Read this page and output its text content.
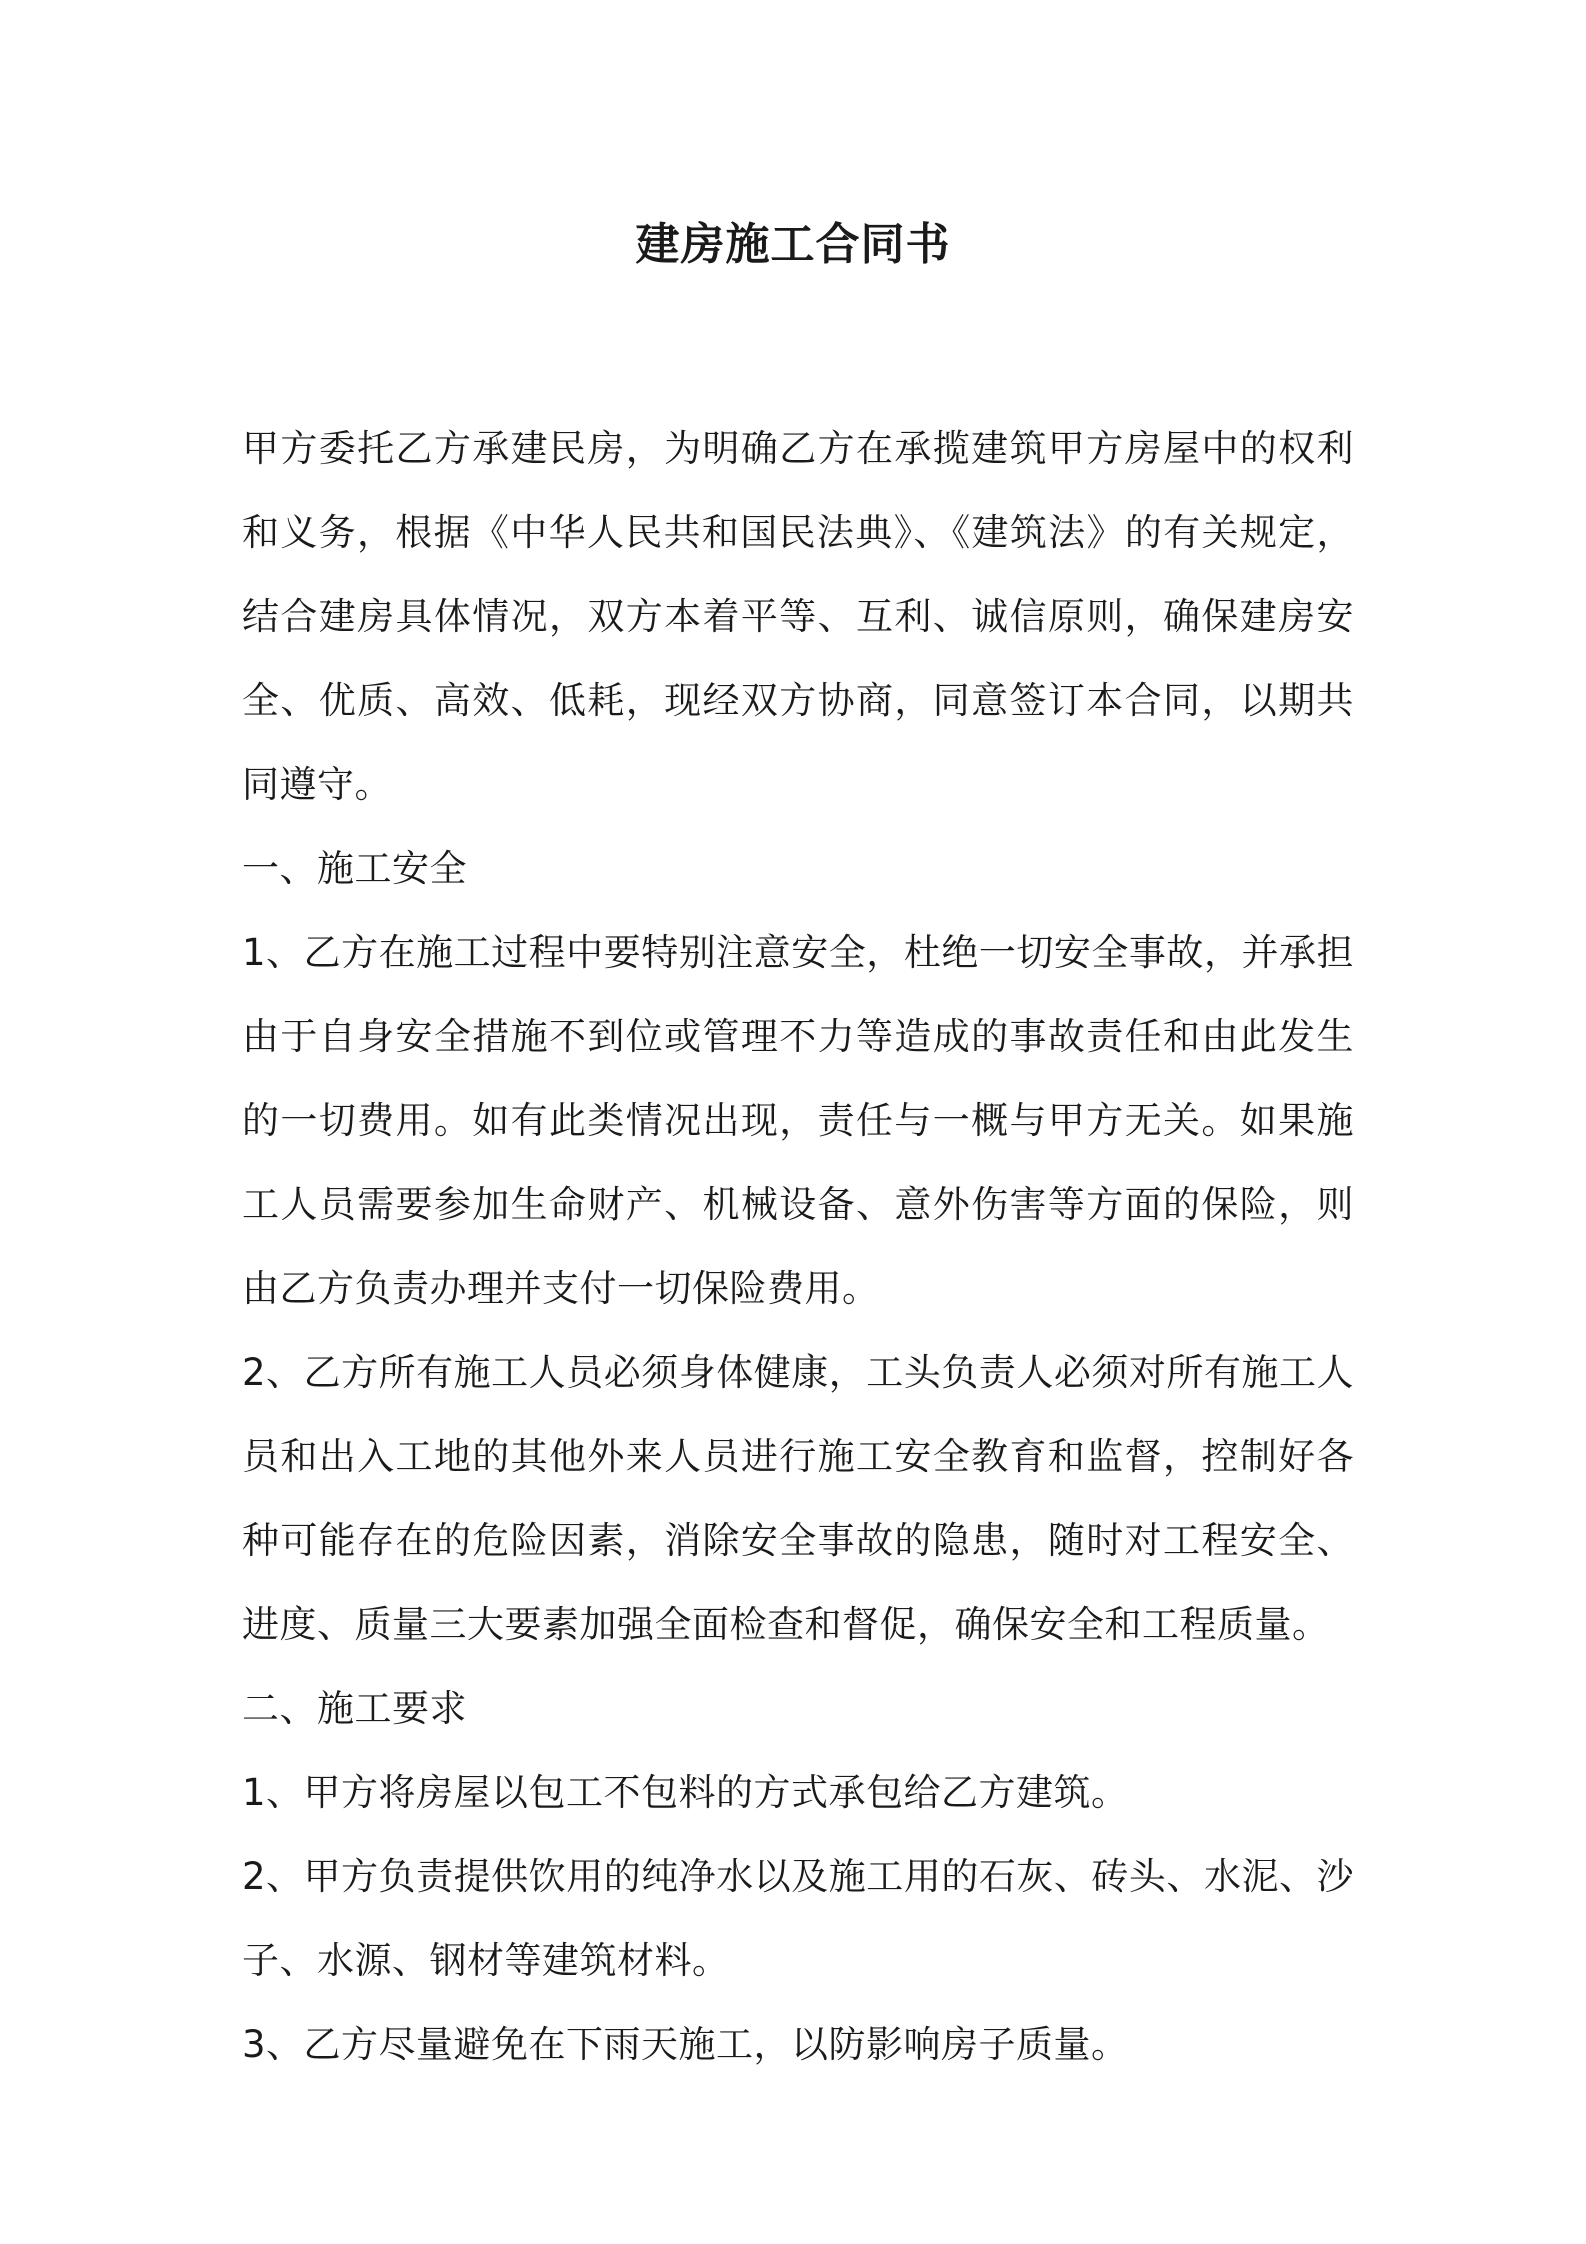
建房施工合同书

甲方委托乙方承建民房，为明确乙方在承揽建筑甲方房屋中的权利和义务，根据《中华人民共和国民法典》、《建筑法》的有关规定，结合建房具体情况，双方本着平等、互利、诚信原则，确保建房安全、优质、高效、低耗，现经双方协商，同意签订本合同，以期共同遵守。

一、施工安全

1、乙方在施工过程中要特别注意安全，杜绝一切安全事故，并承担由于自身安全措施不到位或管理不力等造成的事故责任和由此发生的一切费用。如有此类情况出现，责任与一概与甲方无关。如果施工人员需要参加生命财产、机械设备、意外伤害等方面的保险，则由乙方负责办理并支付一切保险费用。

2、乙方所有施工人员必须身体健康，工头负责人必须对所有施工人员和出入工地的其他外来人员进行施工安全教育和监督，控制好各种可能存在的危险因素，消除安全事故的隐患，随时对工程安全、进度、质量三大要素加强全面检查和督促，确保安全和工程质量。

二、施工要求

1、甲方将房屋以包工不包料的方式承包给乙方建筑。

2、甲方负责提供饮用的纯净水以及施工用的石灰、砖头、水泥、沙子、水源、钢材等建筑材料。

3、乙方尽量避免在下雨天施工，以防影响房子质量。
